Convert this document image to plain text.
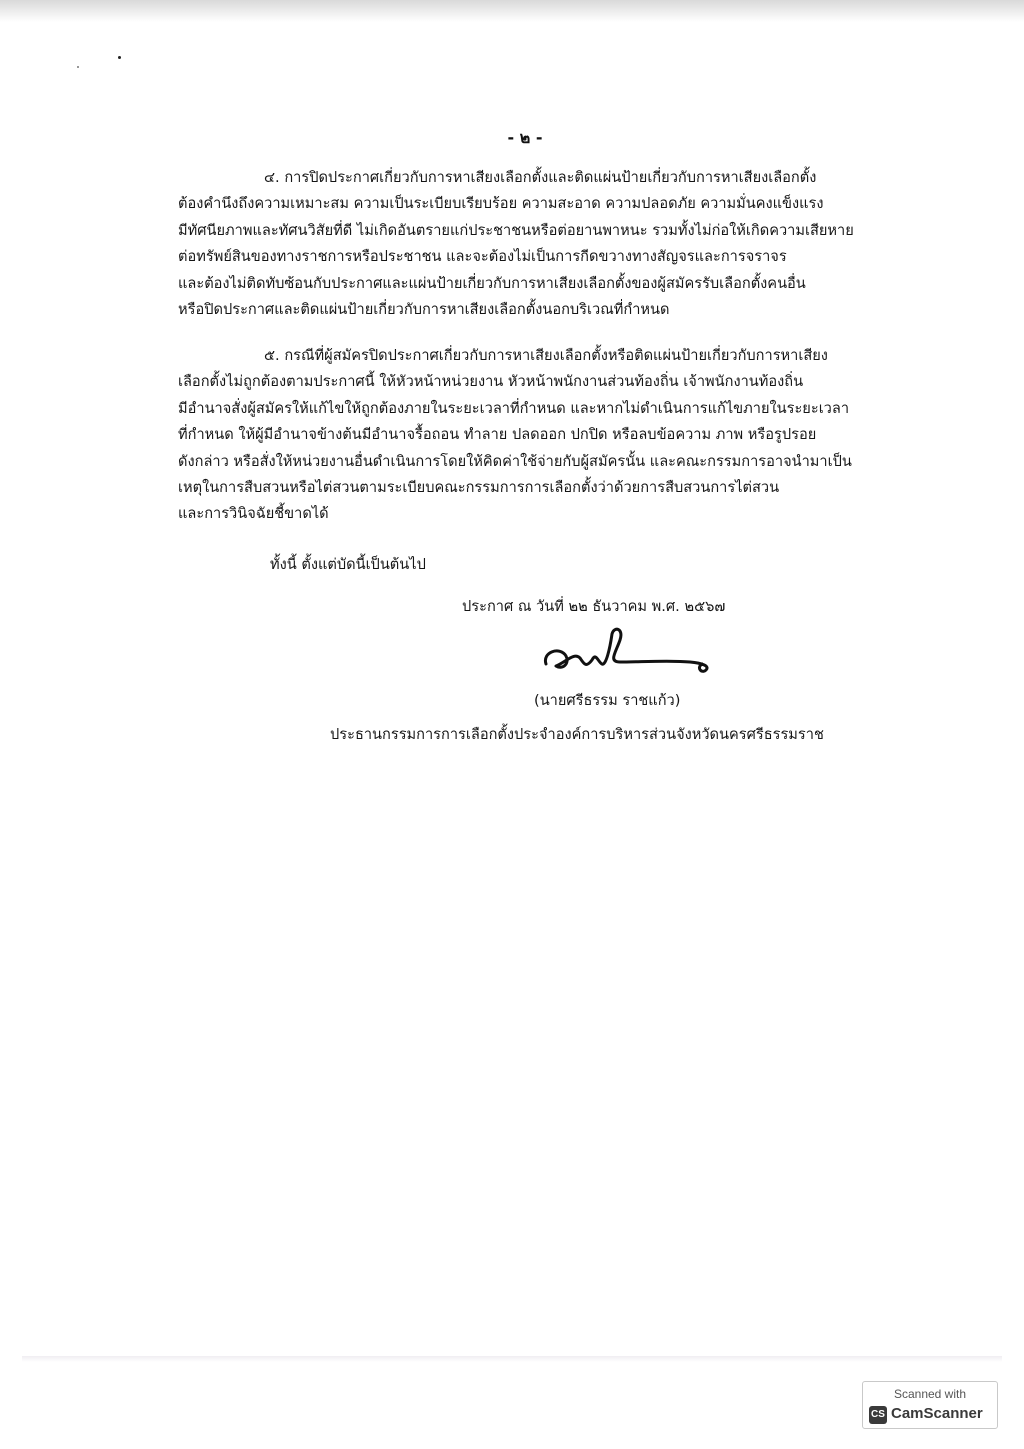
- ๒ -
๔. การปิดประกาศเกี่ยวกับการหาเสียงเลือกตั้งและติดแผ่นป้ายเกี่ยวกับการหาเสียงเลือกตั้ง
ต้องคำนึงถึงความเหมาะสม ความเป็นระเบียบเรียบร้อย ความสะอาด ความปลอดภัย ความมั่นคงแข็งแรง
มีทัศนียภาพและทัศนวิสัยที่ดี ไม่เกิดอันตรายแก่ประชาชนหรือต่อยานพาหนะ รวมทั้งไม่ก่อให้เกิดความเสียหาย
ต่อทรัพย์สินของทางราชการหรือประชาชน และจะต้องไม่เป็นการกีดขวางทางสัญจรและการจราจร
และต้องไม่ติดทับซ้อนกับประกาศและแผ่นป้ายเกี่ยวกับการหาเสียงเลือกตั้งของผู้สมัครรับเลือกตั้งคนอื่น
หรือปิดประกาศและติดแผ่นป้ายเกี่ยวกับการหาเสียงเลือกตั้งนอกบริเวณที่กำหนด
๕. กรณีที่ผู้สมัครปิดประกาศเกี่ยวกับการหาเสียงเลือกตั้งหรือติดแผ่นป้ายเกี่ยวกับการหาเสียง
เลือกตั้งไม่ถูกต้องตามประกาศนี้ ให้หัวหน้าหน่วยงาน หัวหน้าพนักงานส่วนท้องถิ่น เจ้าพนักงานท้องถิ่น
มีอำนาจสั่งผู้สมัครให้แก้ไขให้ถูกต้องภายในระยะเวลาที่กำหนด และหากไม่ดำเนินการแก้ไขภายในระยะเวลา
ที่กำหนด ให้ผู้มีอำนาจข้างต้นมีอำนาจรื้อถอน ทำลาย ปลดออก ปกปิด หรือลบข้อความ ภาพ หรือรูปรอย
ดังกล่าว หรือสั่งให้หน่วยงานอื่นดำเนินการโดยให้คิดค่าใช้จ่ายกับผู้สมัครนั้น และคณะกรรมการอาจนำมาเป็น
เหตุในการสืบสวนหรือไต่สวนตามระเบียบคณะกรรมการการเลือกตั้งว่าด้วยการสืบสวนการไต่สวน
และการวินิจฉัยชี้ขาดได้
ทั้งนี้ ตั้งแต่บัดนี้เป็นต้นไป
ประกาศ ณ วันที่ ๒๒ ธันวาคม พ.ศ. ๒๕๖๗
(นายศรีธรรม ราชแก้ว)
ประธานกรรมการการเลือกตั้งประจำองค์การบริหารส่วนจังหวัดนครศรีธรรมราช
Scanned with
CS CamScanner
